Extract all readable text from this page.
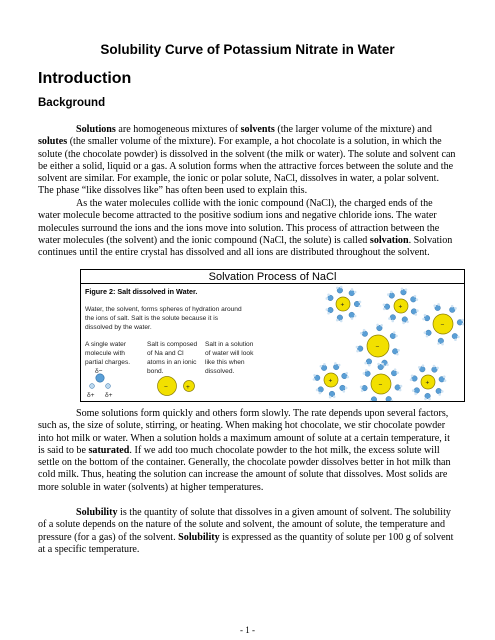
Solubility Curve of Potassium Nitrate in Water
Introduction
Background
Solutions are homogeneous mixtures of solvents (the larger volume of the mixture) and solutes (the smaller volume of the mixture). For example, a hot chocolate is a solution, in which the solute (the chocolate powder) is dissolved in the solvent (the milk or water). The solute and solvent can be either a solid, liquid or a gas. A solution forms when the attractive forces between the solute and the solvent are similar. For example, the ionic or polar solute, NaCl, dissolves in water, a polar solvent. The phase “like dissolves like” has often been used to explain this.
As the water molecules collide with the ionic compound (NaCl), the charged ends of the water molecule become attracted to the positive sodium ions and negative chloride ions. The water molecules surround the ions and the ions move into solution. This process of attraction between the water molecules (the solvent) and the ionic compound (NaCl, the solute) is called solvation. Solvation continues until the entire crystal has dissolved and all ions are distributed throughout the solvent.
Solvation Process of NaCl
Figure 2: Salt dissolved in Water.
Water, the solvent, forms spheres of hydration around
the ions of salt. Salt is the solute because it is
dissolved by the water.
A single water
molecule with
partial charges.
δ−
δ+ δ+
Salt is composed
of Na and Cl
atoms in an ionic
bond.
−	+
Salt in a solution
of water will look
like this when
dissolved.
+	+
−
−
+
−
+
Some solutions form quickly and others form slowly. The rate depends upon several factors, such as, the size of solute, stirring, or heating. When making hot chocolate, we stir chocolate powder into hot milk or water. When a solution holds a maximum amount of solute at a certain temperature, it is said to be saturated. If we add too much chocolate powder to the hot milk, the excess solute will settle on the bottom of the container. Generally, the chocolate powder dissolves better in hot milk than cold milk. Thus, heating the solution can increase the amount of solute that dissolves. Most solids are more soluble in water (solvents) at higher temperatures.
Solubility is the quantity of solute that dissolves in a given amount of solvent. The solubility of a solute depends on the nature of the solute and solvent, the amount of solute, the temperature and pressure (for a gas) of the solvent. Solubility is expressed as the quantity of solute per 100 g of solvent at a specific temperature.
- 1 -
